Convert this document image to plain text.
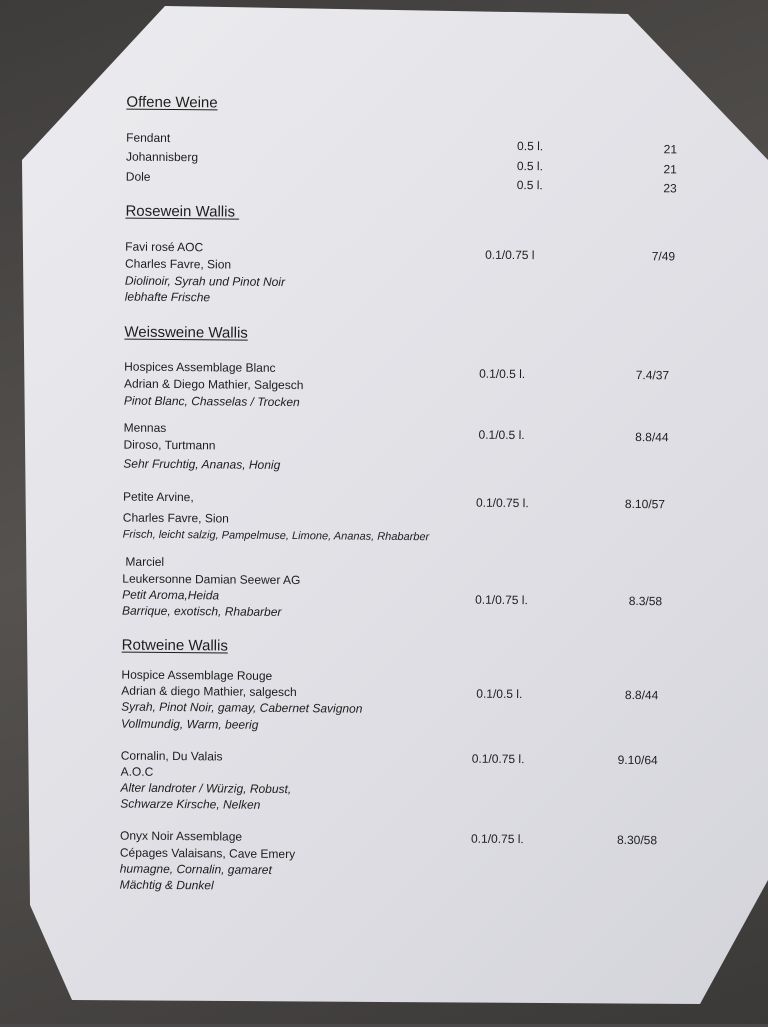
Offene Weine
Fendant
0.5 l.	21
Johannisberg
0.5 l.	21
Dole
0.5 l.	23
Rosewein Wallis
Favi rosé AOC
Charles Favre, Sion
Diolinoir, Syrah und Pinot Noir
lebhafte Frische
0.1/0.75 l	7/49
Weissweine Wallis
Hospices Assemblage Blanc
Adrian & Diego Mathier, Salgesch
Pinot Blanc, Chasselas / Trocken
0.1/0.5 l.	7.4/37
Mennas
Diroso, Turtmann
Sehr Fruchtig, Ananas, Honig
0.1/0.5 l.	8.8/44
Petite Arvine,
Charles Favre, Sion
Frisch, leicht salzig, Pampelmuse, Limone, Ananas, Rhabarber
0.1/0.75 l.	8.10/57
Marciel
Leukersonne Damian Seewer AG
Petit Aroma,Heida
Barrique, exotisch, Rhabarber
0.1/0.75 l.	8.3/58
Rotweine Wallis
Hospice Assemblage Rouge
Adrian & diego Mathier, salgesch
Syrah, Pinot Noir, gamay, Cabernet Savignon
Vollmundig, Warm, beerig
0.1/0.5 l.	8.8/44
Cornalin, Du Valais
A.O.C
Alter landroter / Würzig, Robust,
Schwarze Kirsche, Nelken
0.1/0.75 l.	9.10/64
Onyx Noir Assemblage
Cépages Valaisans, Cave Emery
humagne, Cornalin, gamaret
Mächtig & Dunkel
0.1/0.75 l.	8.30/58
